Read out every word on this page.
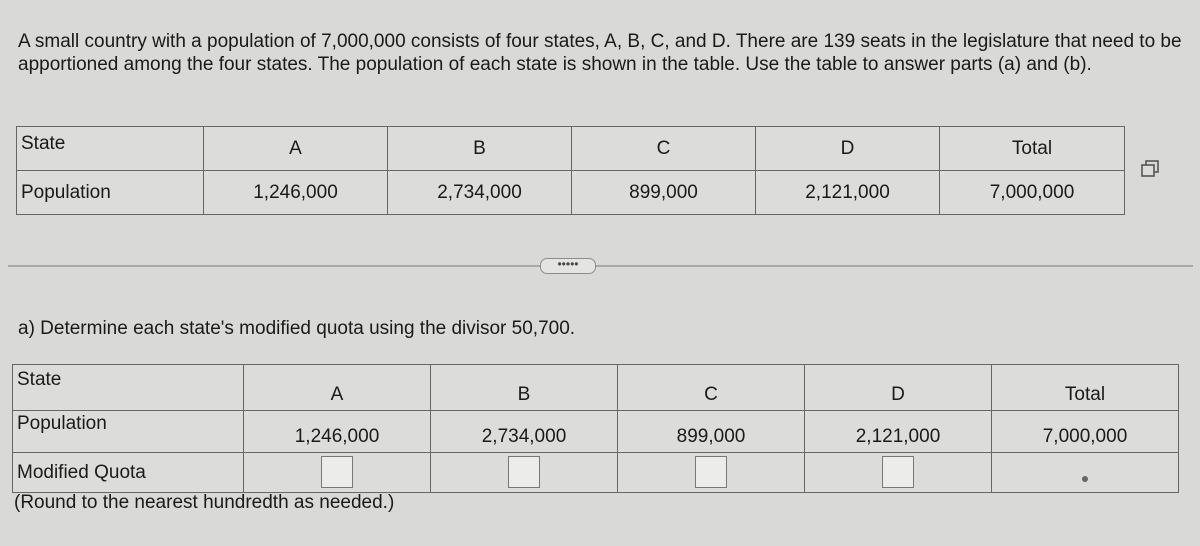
A small country with a population of 7,000,000 consists of four states, A, B, C, and D. There are 139 seats in the legislature that need to be apportioned among the four states. The population of each state is shown in the table. Use the table to answer parts (a) and (b).
State	A	B	C	D	Total
Population	1,246,000	2,734,000	899,000	2,121,000	7,000,000
•••••
a) Determine each state's modified quota using the divisor 50,700.
State	A	B	C	D	Total
Population	1,246,000	2,734,000	899,000	2,121,000	7,000,000
Modified Quota					
(Round to the nearest hundredth as needed.)
